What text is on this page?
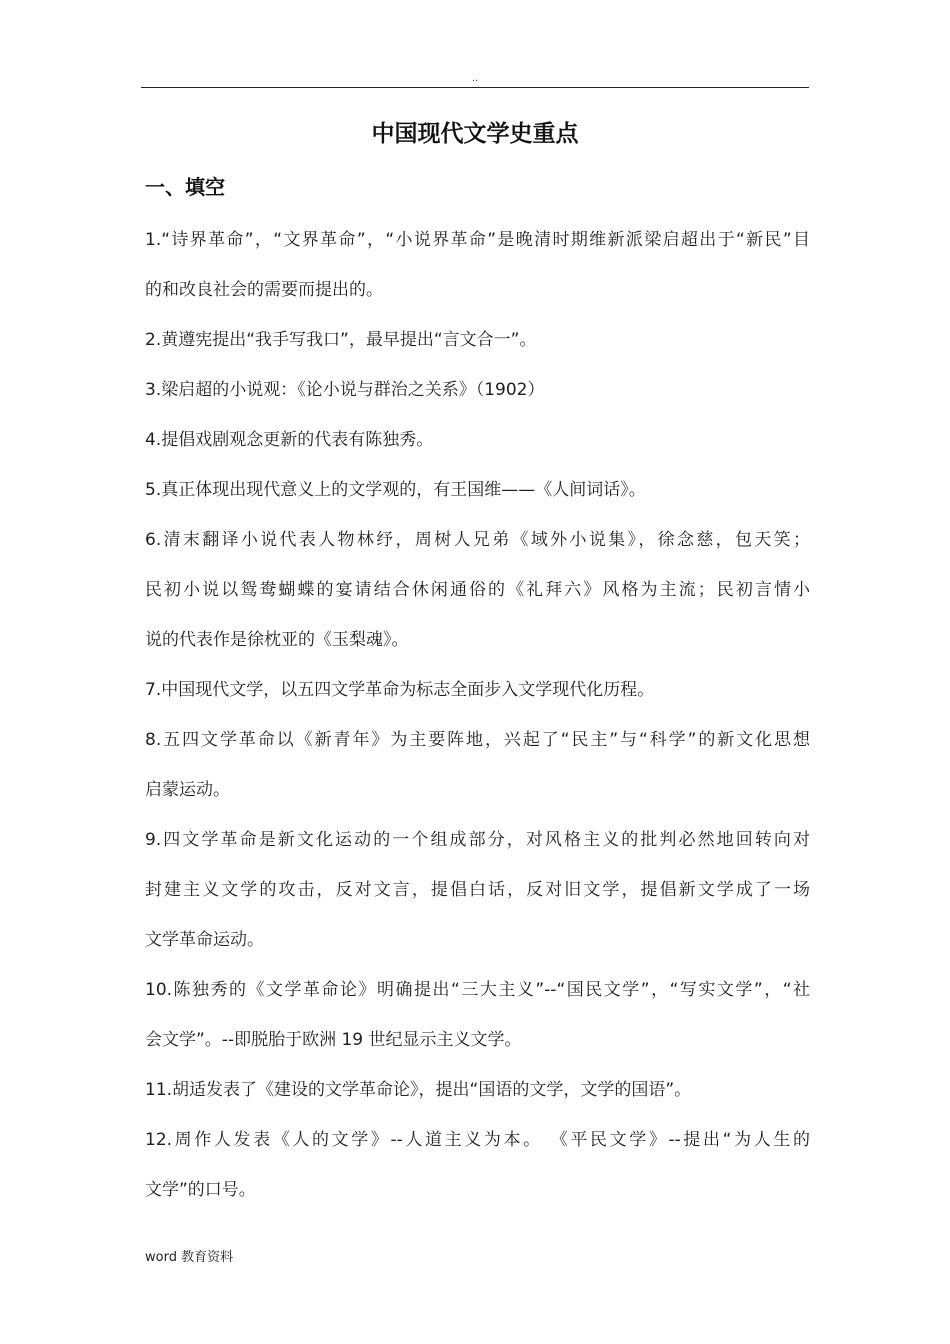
..
中国现代文学史重点
一、填空
1.“诗界革命”，“文界革命”，“小说界革命”是晚清时期维新派梁启超出于“新民”目
的和改良社会的需要而提出的。
2.黄遵宪提出“我手写我口”，最早提出“言文合一”。
3.梁启超的小说观：《论小说与群治之关系》（1902）
4.提倡戏剧观念更新的代表有陈独秀。
5.真正体现出现代意义上的文学观的，有王国维——《人间词话》。
6.清末翻译小说代表人物林纾，周树人兄弟《域外小说集》，徐念慈，包天笑；
民初小说以鸳鸯蝴蝶的宴请结合休闲通俗的《礼拜六》风格为主流；民初言情小
说的代表作是徐枕亚的《玉梨魂》。
7.中国现代文学，以五四文学革命为标志全面步入文学现代化历程。
8.五四文学革命以《新青年》为主要阵地，兴起了“民主”与“科学”的新文化思想
启蒙运动。
9.四文学革命是新文化运动的一个组成部分，对风格主义的批判必然地回转向对
封建主义文学的攻击，反对文言，提倡白话，反对旧文学，提倡新文学成了一场
文学革命运动。
10.陈独秀的《文学革命论》明确提出“三大主义”--“国民文学”，“写实文学”，“社
会文学”。--即脱胎于欧洲 19 世纪显示主义文学。
11.胡适发表了《建设的文学革命论》，提出“国语的文学，文学的国语”。
12.周作人发表《人的文学》--人道主义为本。 《平民文学》--提出“为人生的
文学”的口号。
word 教育资料
